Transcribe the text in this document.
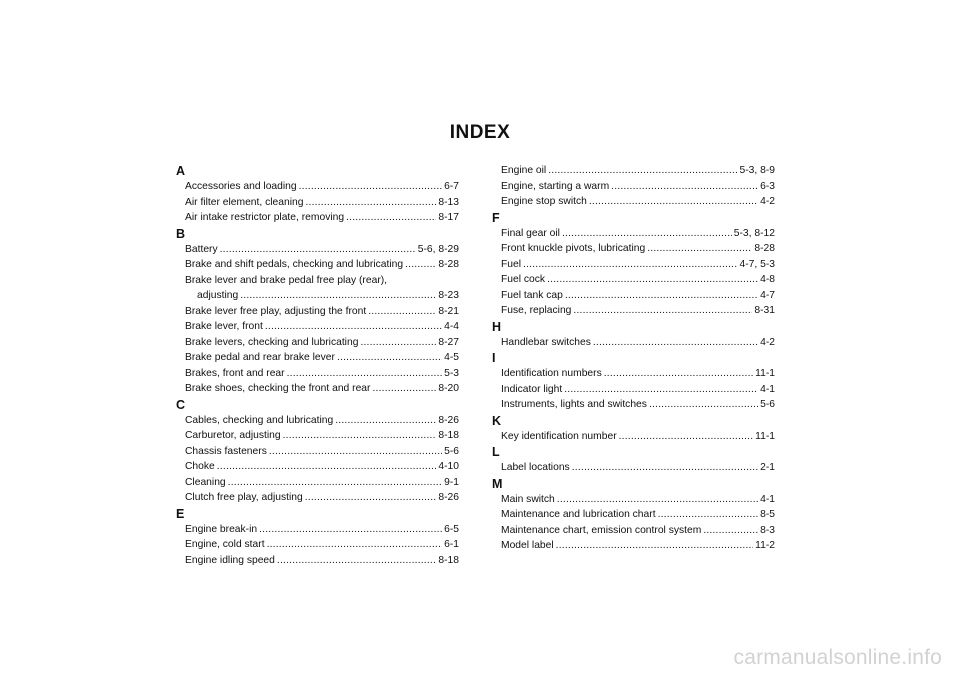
INDEX
A
Accessories and loading .....	6-7
Air filter element, cleaning .....	8-13
Air intake restrictor plate, removing .....	8-17
B
Battery .....	5-6, 8-29
Brake and shift pedals, checking and lubricating .....	8-28
Brake lever and brake pedal free play (rear),
adjusting .....	8-23
Brake lever free play, adjusting the front .....	8-21
Brake lever, front .....	4-4
Brake levers, checking and lubricating .....	8-27
Brake pedal and rear brake lever .....	4-5
Brakes, front and rear .....	5-3
Brake shoes, checking the front and rear .....	8-20
C
Cables, checking and lubricating .....	8-26
Carburetor, adjusting .....	8-18
Chassis fasteners .....	5-6
Choke .....	4-10
Cleaning .....	9-1
Clutch free play, adjusting .....	8-26
E
Engine break-in .....	6-5
Engine, cold start .....	6-1
Engine idling speed .....	8-18
Engine oil .....	5-3, 8-9
Engine, starting a warm .....	6-3
Engine stop switch .....	4-2
F
Final gear oil .....	5-3, 8-12
Front knuckle pivots, lubricating .....	8-28
Fuel .....	4-7, 5-3
Fuel cock .....	4-8
Fuel tank cap .....	4-7
Fuse, replacing .....	8-31
H
Handlebar switches .....	4-2
I
Identification numbers .....	11-1
Indicator light .....	4-1
Instruments, lights and switches .....	5-6
K
Key identification number .....	11-1
L
Label locations .....	2-1
M
Main switch .....	4-1
Maintenance and lubrication chart .....	8-5
Maintenance chart, emission control system .....	8-3
Model label .....	11-2
carmanualsonline.info
